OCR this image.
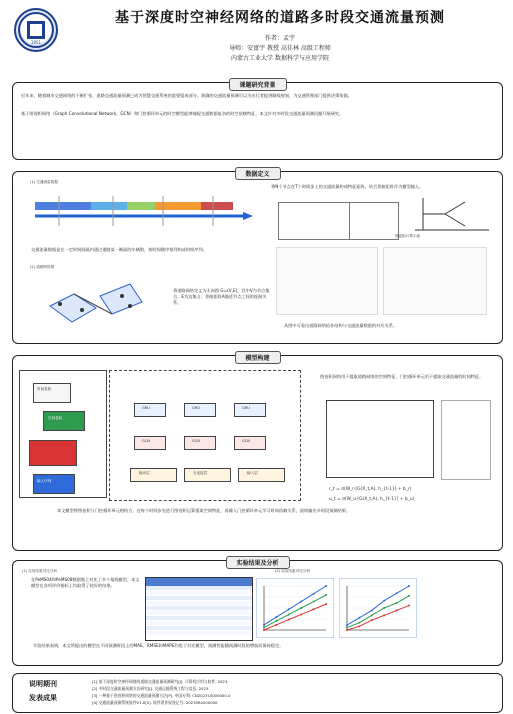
1951
基于深度时空神经网络的道路多时段交通流量预测
作者：孟宇
导师：安富宇 教授 高佳林 高级工程师
内蒙古工业大学 数据科学与应用学院
课题研究背景
近年来，随着城市交通网络的不断扩张，道路交通流量预测已成为智慧交通系统的重要组成部分。准确的交通流量预测可以为出行者提供路线规划，为交通管理部门提供决策依据。
基于图卷积网络（Graph Convolutional Network，GCN）和门控循环单元的时空模型能够捕捉交通数据复杂的时空依赖特征，本文针对多时段交通流量预测问题开展研究。
数据定义
(1) 交通流量数据
交通流量数据是在一定时间间隔内通过道路某一断面的车辆数，按时间顺序排列构成时间序列。
(2) 道路网络图
将道路网络定义为无向图 G=(V,E)，其中V为节点集合，E为边集合，邻接矩阵A描述节点之间的连接关系。
将N个节点在T个时间步上的交通流量构成特征矩阵，结合邻接矩阵作为模型输入。
图卷积计算示意
从图中可看出道路网络拓扑结构与交通流量数据的对应关系。
模型构建
时间卷积
空间卷积
输入序列
GRU	GRU	GRU
GCN	GCN	GCN
输出层	全连接层	输入层
图卷积网络用于提取道路网络的空间特征，门控循环单元用于提取交通流量的时间特征。
r_t = σ(W_r·[G(X_t,A), h_{t-1}] + b_r)
u_t = σ(W_u·[G(X_t,A), h_{t-1}] + b_u)
本文模型将图卷积与门控循环单元相结合，在每个时间步先进行图卷积运算提取空间特征，再输入门控循环单元学习时间依赖关系，最终输出多时段预测结果。
实验结果及分析
(1) 实验结果对比分析	(2) 实验结果对比分析
在PeMS04和PeMS08数据集上对比了多个基线模型，本文模型在各项评价指标上均取得了较好的结果。
实验结果表明，本文所提出的模型在不同预测时段上的MAE、RMSE和MAPE均优于对比模型，预测性能随预测时段的增加而保持稳定。
说明期刊
发表成果
[1] 基于深度时空神经网络的道路交通流量预测研究[J]. 计算机应用与软件, 2023.
[2] 多时段交通流量预测方法研究[J]. 交通运输系统工程与信息, 2023.
[3] 一种基于图卷积网络的交通流量预测方法[P]. 中国专利: CN202310000000.0
[4] 交通流量预测系统软件V1.0[S]. 软件著作权登记号: 2023SR0000000
